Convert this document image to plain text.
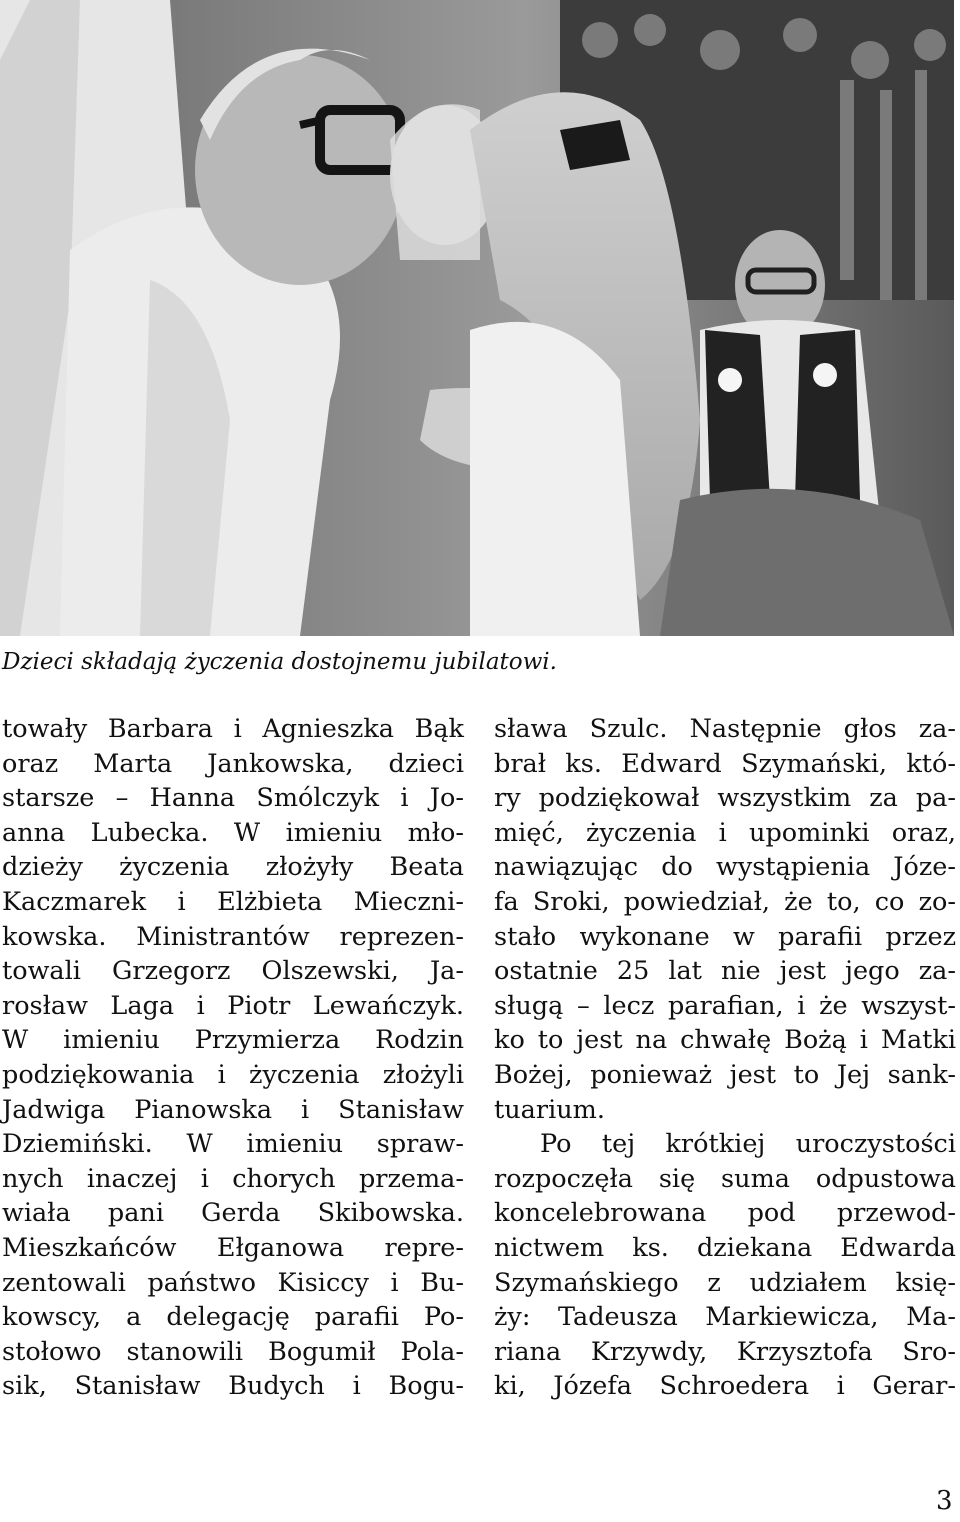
Dzieci składają życzenia dostojnemu jubilatowi.
towały Barbara i Agnieszka Bąk
oraz Marta Jankowska, dzieci
starsze – Hanna Smólczyk i Jo-
anna Lubecka. W imieniu mło-
dzieży życzenia złożyły Beata
Kaczmarek i Elżbieta Mieczni-
kowska. Ministrantów reprezen-
towali Grzegorz Olszewski, Ja-
rosław Laga i Piotr Lewańczyk.
W imieniu Przymierza Rodzin
podziękowania i życzenia złożyli
Jadwiga Pianowska i Stanisław
Dziemiński. W imieniu spraw-
nych inaczej i chorych przema-
wiała pani Gerda Skibowska.
Mieszkańców Ełganowa repre-
zentowali państwo Kisiccy i Bu-
kowscy, a delegację parafii Po-
stołowo stanowili Bogumił Pola-
sik, Stanisław Budych i Bogu-
sława Szulc. Następnie głos za-
brał ks. Edward Szymański, któ-
ry podziękował wszystkim za pa-
mięć, życzenia i upominki oraz,
nawiązując do wystąpienia Józe-
fa Sroki, powiedział, że to, co zo-
stało wykonane w parafii przez
ostatnie 25 lat nie jest jego za-
sługą – lecz parafian, i że wszyst-
ko to jest na chwałę Bożą i Matki
Bożej, ponieważ jest to Jej sank-
tuarium.
Po tej krótkiej uroczystości
rozpoczęła się suma odpustowa
koncelebrowana pod przewod-
nictwem ks. dziekana Edwarda
Szymańskiego z udziałem księ-
ży: Tadeusza Markiewicza, Ma-
riana Krzywdy, Krzysztofa Sro-
ki, Józefa Schroedera i Gerar-
3
